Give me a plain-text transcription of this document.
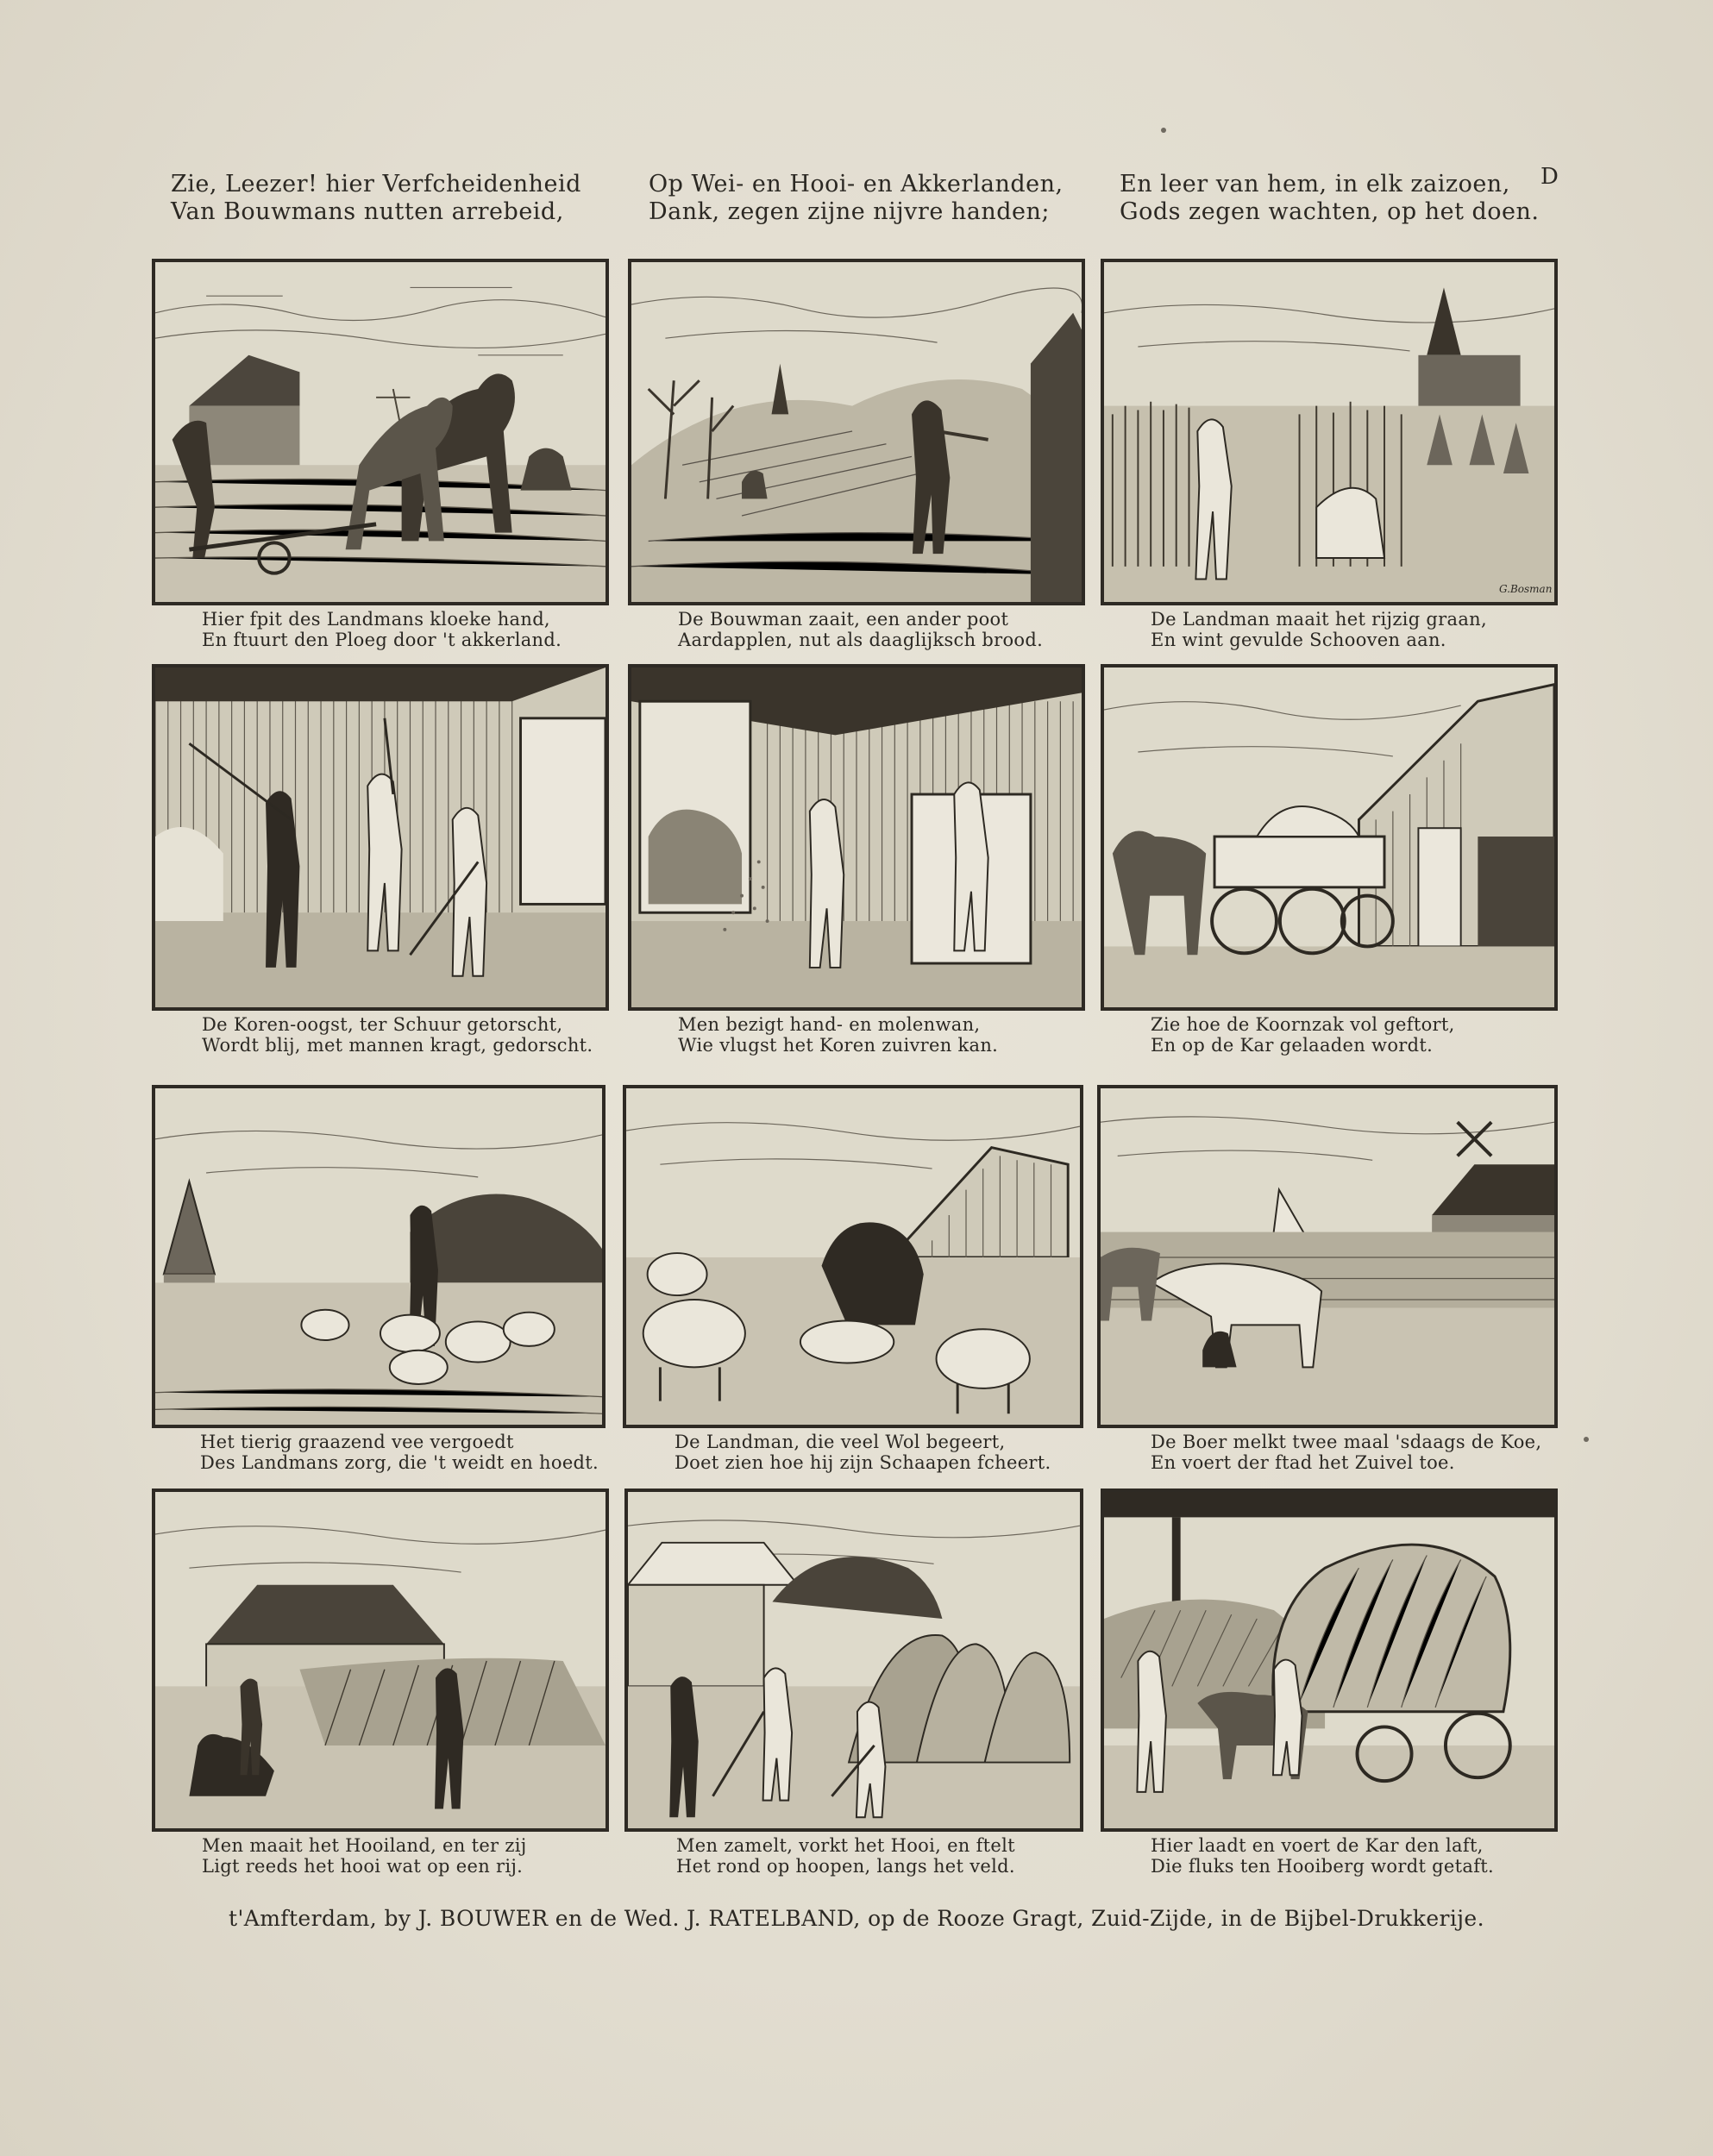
Zie, Leezer! hier Verfcheidenheid
Van Bouwmans nutten arrebeid,
Op Wei- en Hooi- en Akkerlanden,
Dank, zegen zijne nijvre handen;
En leer van hem, in elk zaizoen,
Gods zegen wachten, op het doen.
D
Hier fpit des Landmans kloeke hand,
En ftuurt den Ploeg door 't akkerland.
De Bouwman zaait, een ander poot
Aardapplen, nut als daaglijksch brood.
De Landman maait het rijzig graan,
En wint gevulde Schooven aan.
G.Bosman
De Koren-oogst, ter Schuur getorscht,
Wordt blij, met mannen kragt, gedorscht.
Men bezigt hand- en molenwan,
Wie vlugst het Koren zuivren kan.
Zie hoe de Koornzak vol geftort,
En op de Kar gelaaden wordt.
Het tierig graazend vee vergoedt
Des Landmans zorg, die 't weidt en hoedt.
De Landman, die veel Wol begeert,
Doet zien hoe hij zijn Schaapen fcheert.
De Boer melkt twee maal 'sdaags de Koe,
En voert der ftad het Zuivel toe.
Men maait het Hooiland, en ter zij
Ligt reeds het hooi wat op een rij.
Men zamelt, vorkt het Hooi, en ftelt
Het rond op hoopen, langs het veld.
Hier laadt en voert de Kar den laft,
Die fluks ten Hooiberg wordt getaft.
t'Amfterdam, by J. BOUWER en de Wed. J. RATELBAND, op de Rooze Gragt, Zuid-Zijde, in de Bijbel-Drukkerije.
